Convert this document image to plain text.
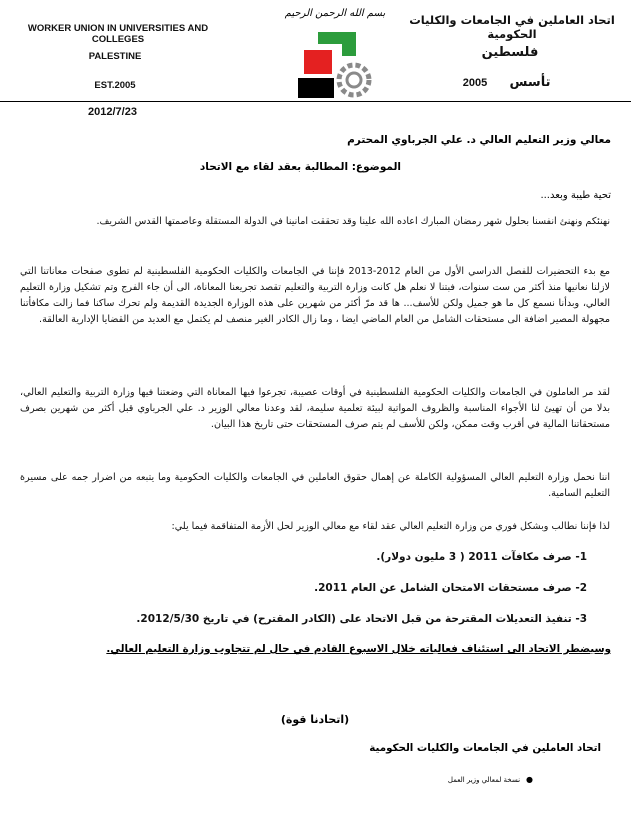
WORKER UNION IN UNIVERSITIES AND COLLEGES
PALESTINE
EST.2005
بسم الله الرحمن الرحيم	اتحاد العاملين في الجامعات والكليات الحكومية
فلسطين
تأسس
2005
2012/7/23
معالي وزير التعليم العالي د. علي الجرباوي المحترم
الموضوع: المطالبة بعقد لقاء مع الاتحاد
تحية طيبة وبعد...
نهنئكم ونهنئ انفسنا بحلول شهر رمضان المبارك اعاده الله علينا وقد تحققت امانينا في الدولة المستقلة وعاصمتها القدس الشريف.
مع بدء التحضيرات للفصل الدراسي الأول من العام 2012-2013 فإننا في الجامعات والكليات الحكومية الفلسطينية لم تطوى صفحات معاناتنا التي لازلنا نعانيها منذ أكثر من ست سنوات، فبتنا لا نعلم هل كانت وزارة التربية والتعليم تقصد تجريعنا المعاناة، الى أن جاء الفرج وتم تشكيل وزارة التعليم العالي، وبدأنا نسمع كل ما هو جميل ولكن للأسف... ها قد مرّ أكثر من شهرين على هذه الوزارة الجديدة القديمة ولم تحرك ساكنا فما زالت مكافأتنا مجهولة المصير اضافة الى مستحقات الشامل من العام الماضي ايضا ، وما زال الكادر الغير منصف لم يكتمل مع العديد من القضايا الإدارية العالقة.
لقد مر العاملون في الجامعات والكليات الحكومية الفلسطينية في أوقات عصيبة، تجرعوا فيها المعاناة التي وضعتنا فيها وزارة التربية والتعليم العالي، بدلا من أن تهيئ لنا الأجواء المناسبة والظروف المواتية لبيئة تعلمية سليمة، لقد وعدنا معالي الوزير د. علي الجرباوي قبل أكثر من شهرين بصرف مستحقاتنا المالية في أقرب وقت ممكن، ولكن للأسف لم يتم صرف المستحقات حتى تاريخ هذا البيان.
اننا نحمل وزارة التعليم العالي المسؤولية الكاملة عن إهمال حقوق العاملين في الجامعات والكليات الحكومية وما يتبعه من اضرار جمه على مسيرة التعليم السامية.
لذا فإننا نطالب وبشكل فوري من وزارة التعليم العالي عقد لقاء مع معالي الوزير لحل الأزمة المتفاقمة فيما يلي:
1- صرف مكافآت 2011 ( 3 مليون دولار).
2- صرف مستحقات الامتحان الشامل عن العام 2011.
3- تنفيذ التعديلات المقترحة من قبل الاتحاد على (الكادر المقترح) في تاريخ 2012/5/30.
وسيضطر الاتحاد الى استئناف فعالياته خلال الاسبوع القادم في حال لم تتجاوب وزارة التعليم العالي.
(اتحادنا قوة)
اتحاد العاملين في الجامعات والكليات الحكومية
●
نسخة لمعالي وزير العمل
